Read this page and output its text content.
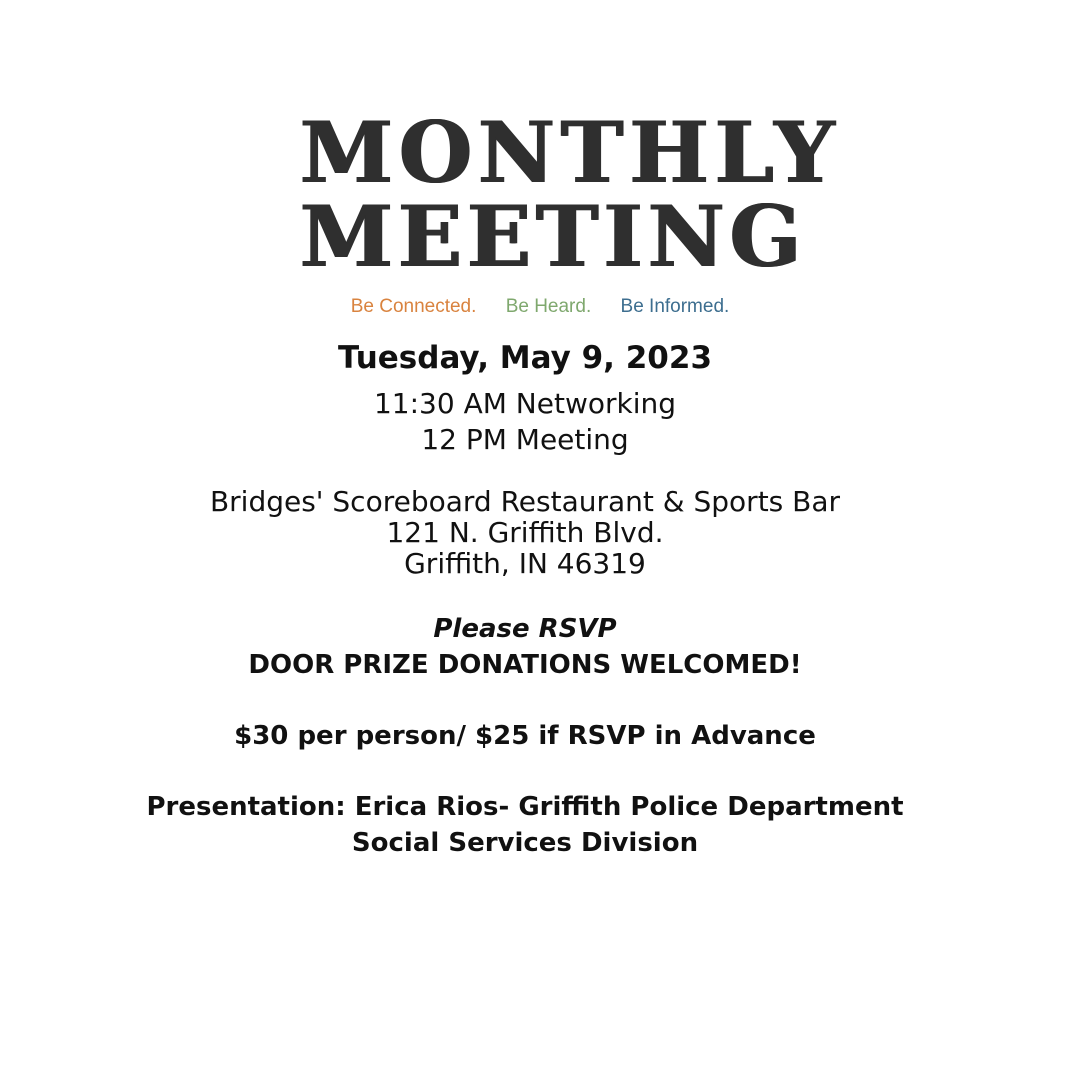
MONTHLY
MEETING
Be Connected. Be Heard. Be Informed.
Tuesday, May 9, 2023
11:30 AM Networking
12 PM Meeting
Bridges' Scoreboard Restaurant & Sports Bar
121 N. Griffith Blvd.
Griffith, IN 46319
Please RSVP
DOOR PRIZE DONATIONS WELCOMED!
$30 per person/ $25 if RSVP in Advance
Presentation: Erica Rios- Griffith Police Department
Social Services Division
